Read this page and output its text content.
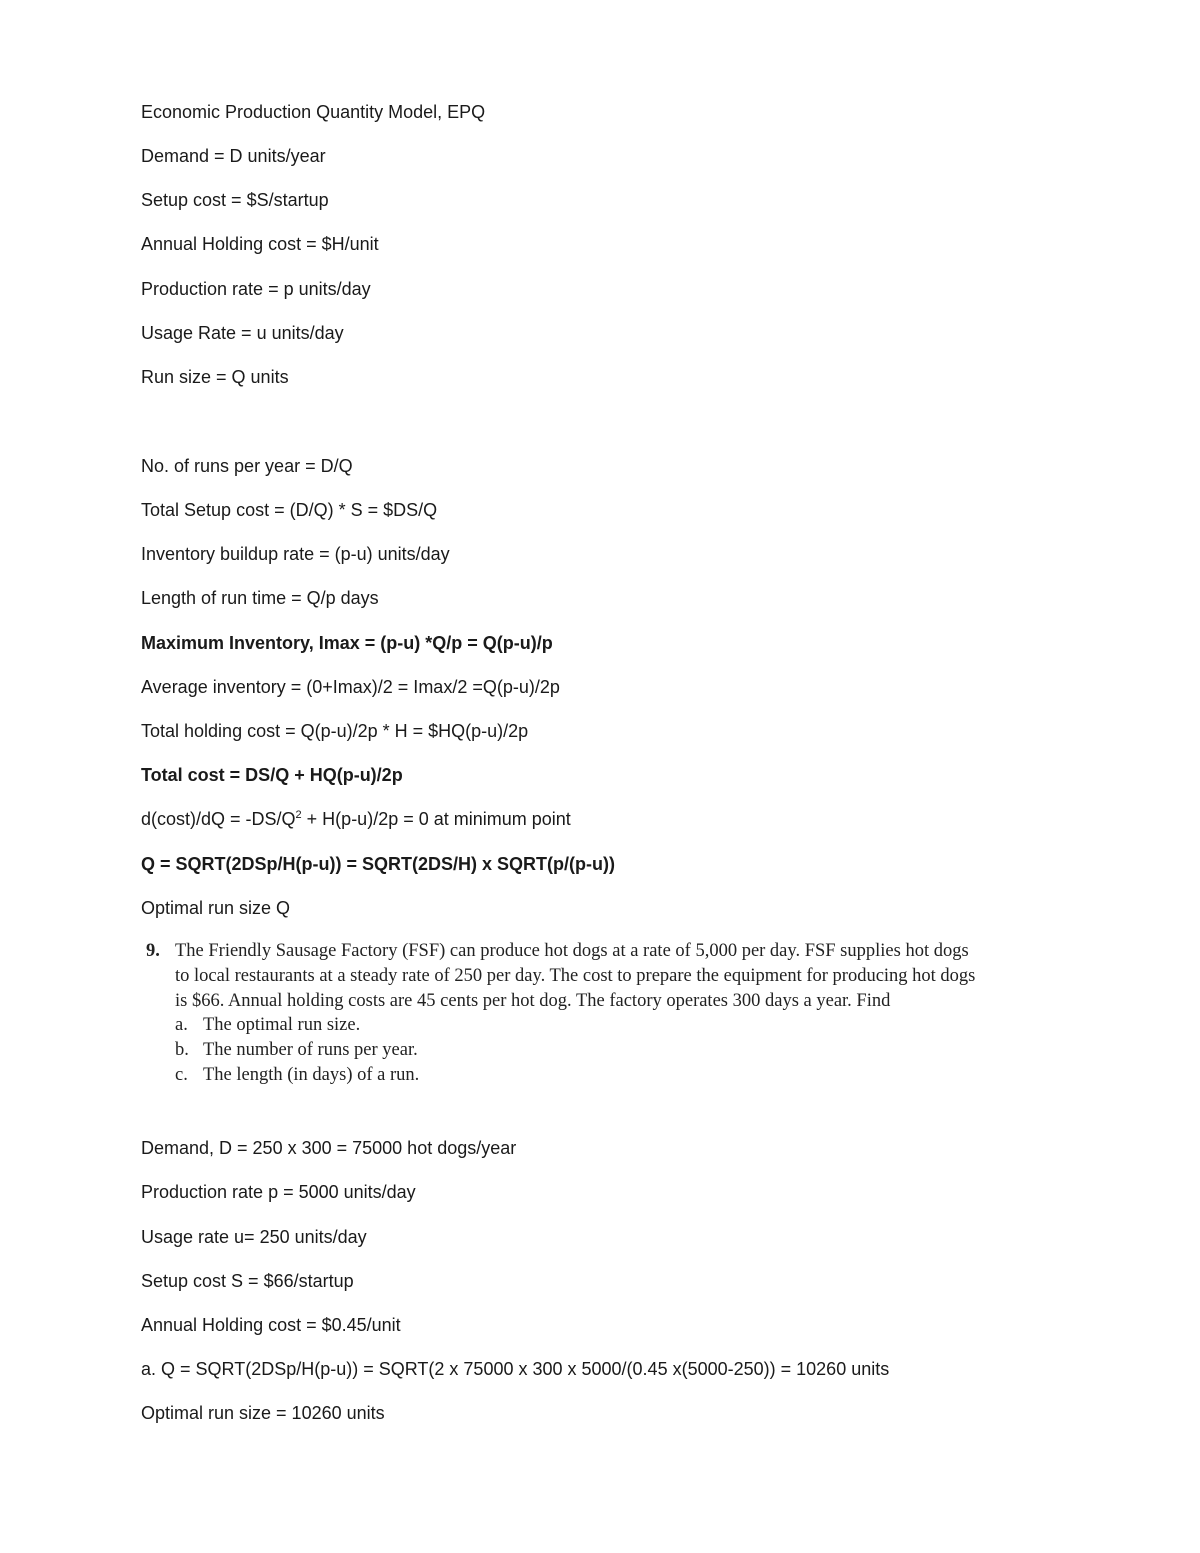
Economic Production Quantity Model, EPQ
Demand = D units/year
Setup cost = $S/startup
Annual Holding cost = $H/unit
Production rate = p units/day
Usage Rate = u units/day
Run size = Q units
No. of runs per year = D/Q
Total Setup cost = (D/Q) * S = $DS/Q
Inventory buildup rate = (p-u) units/day
Length of run time = Q/p days
Maximum Inventory, Imax = (p-u) *Q/p = Q(p-u)/p
Average inventory = (0+Imax)/2 = Imax/2 =Q(p-u)/2p
Total holding cost = Q(p-u)/2p * H = $HQ(p-u)/2p
Total cost = DS/Q + HQ(p-u)/2p
$d(\cos t)/dQ = -DS/Q^2 + H(p-u)/2p = 0$ at minimum point
Q = SQRT(2DSp/H(p-u)) = SQRT(2DS/H) x SQRT(p/(p-u))
Optimal run size Q
9. The Friendly Sausage Factory (FSF) can produce hot dogs at a rate of 5,000 per day. FSF supplies hot dogs to local restaurants at a steady rate of 250 per day. The cost to prepare the equipment for producing hot dogs is $66. Annual holding costs are 45 cents per hot dog. The factory operates 300 days a year. Find
a. The optimal run size.
b. The number of runs per year.
c. The length (in days) of a run.
Demand, D = 250 x 300 = 75000 hot dogs/year
Production rate p = 5000 units/day
Usage rate u= 250 units/day
Setup cost S = $66/startup
Annual Holding cost = $0.45/unit
a. Q = SQRT(2DSp/H(p-u)) = SQRT(2 x 75000 x 300 x 5000/(0.45 x(5000-250)) = 10260 units
Optimal run size = 10260 units
